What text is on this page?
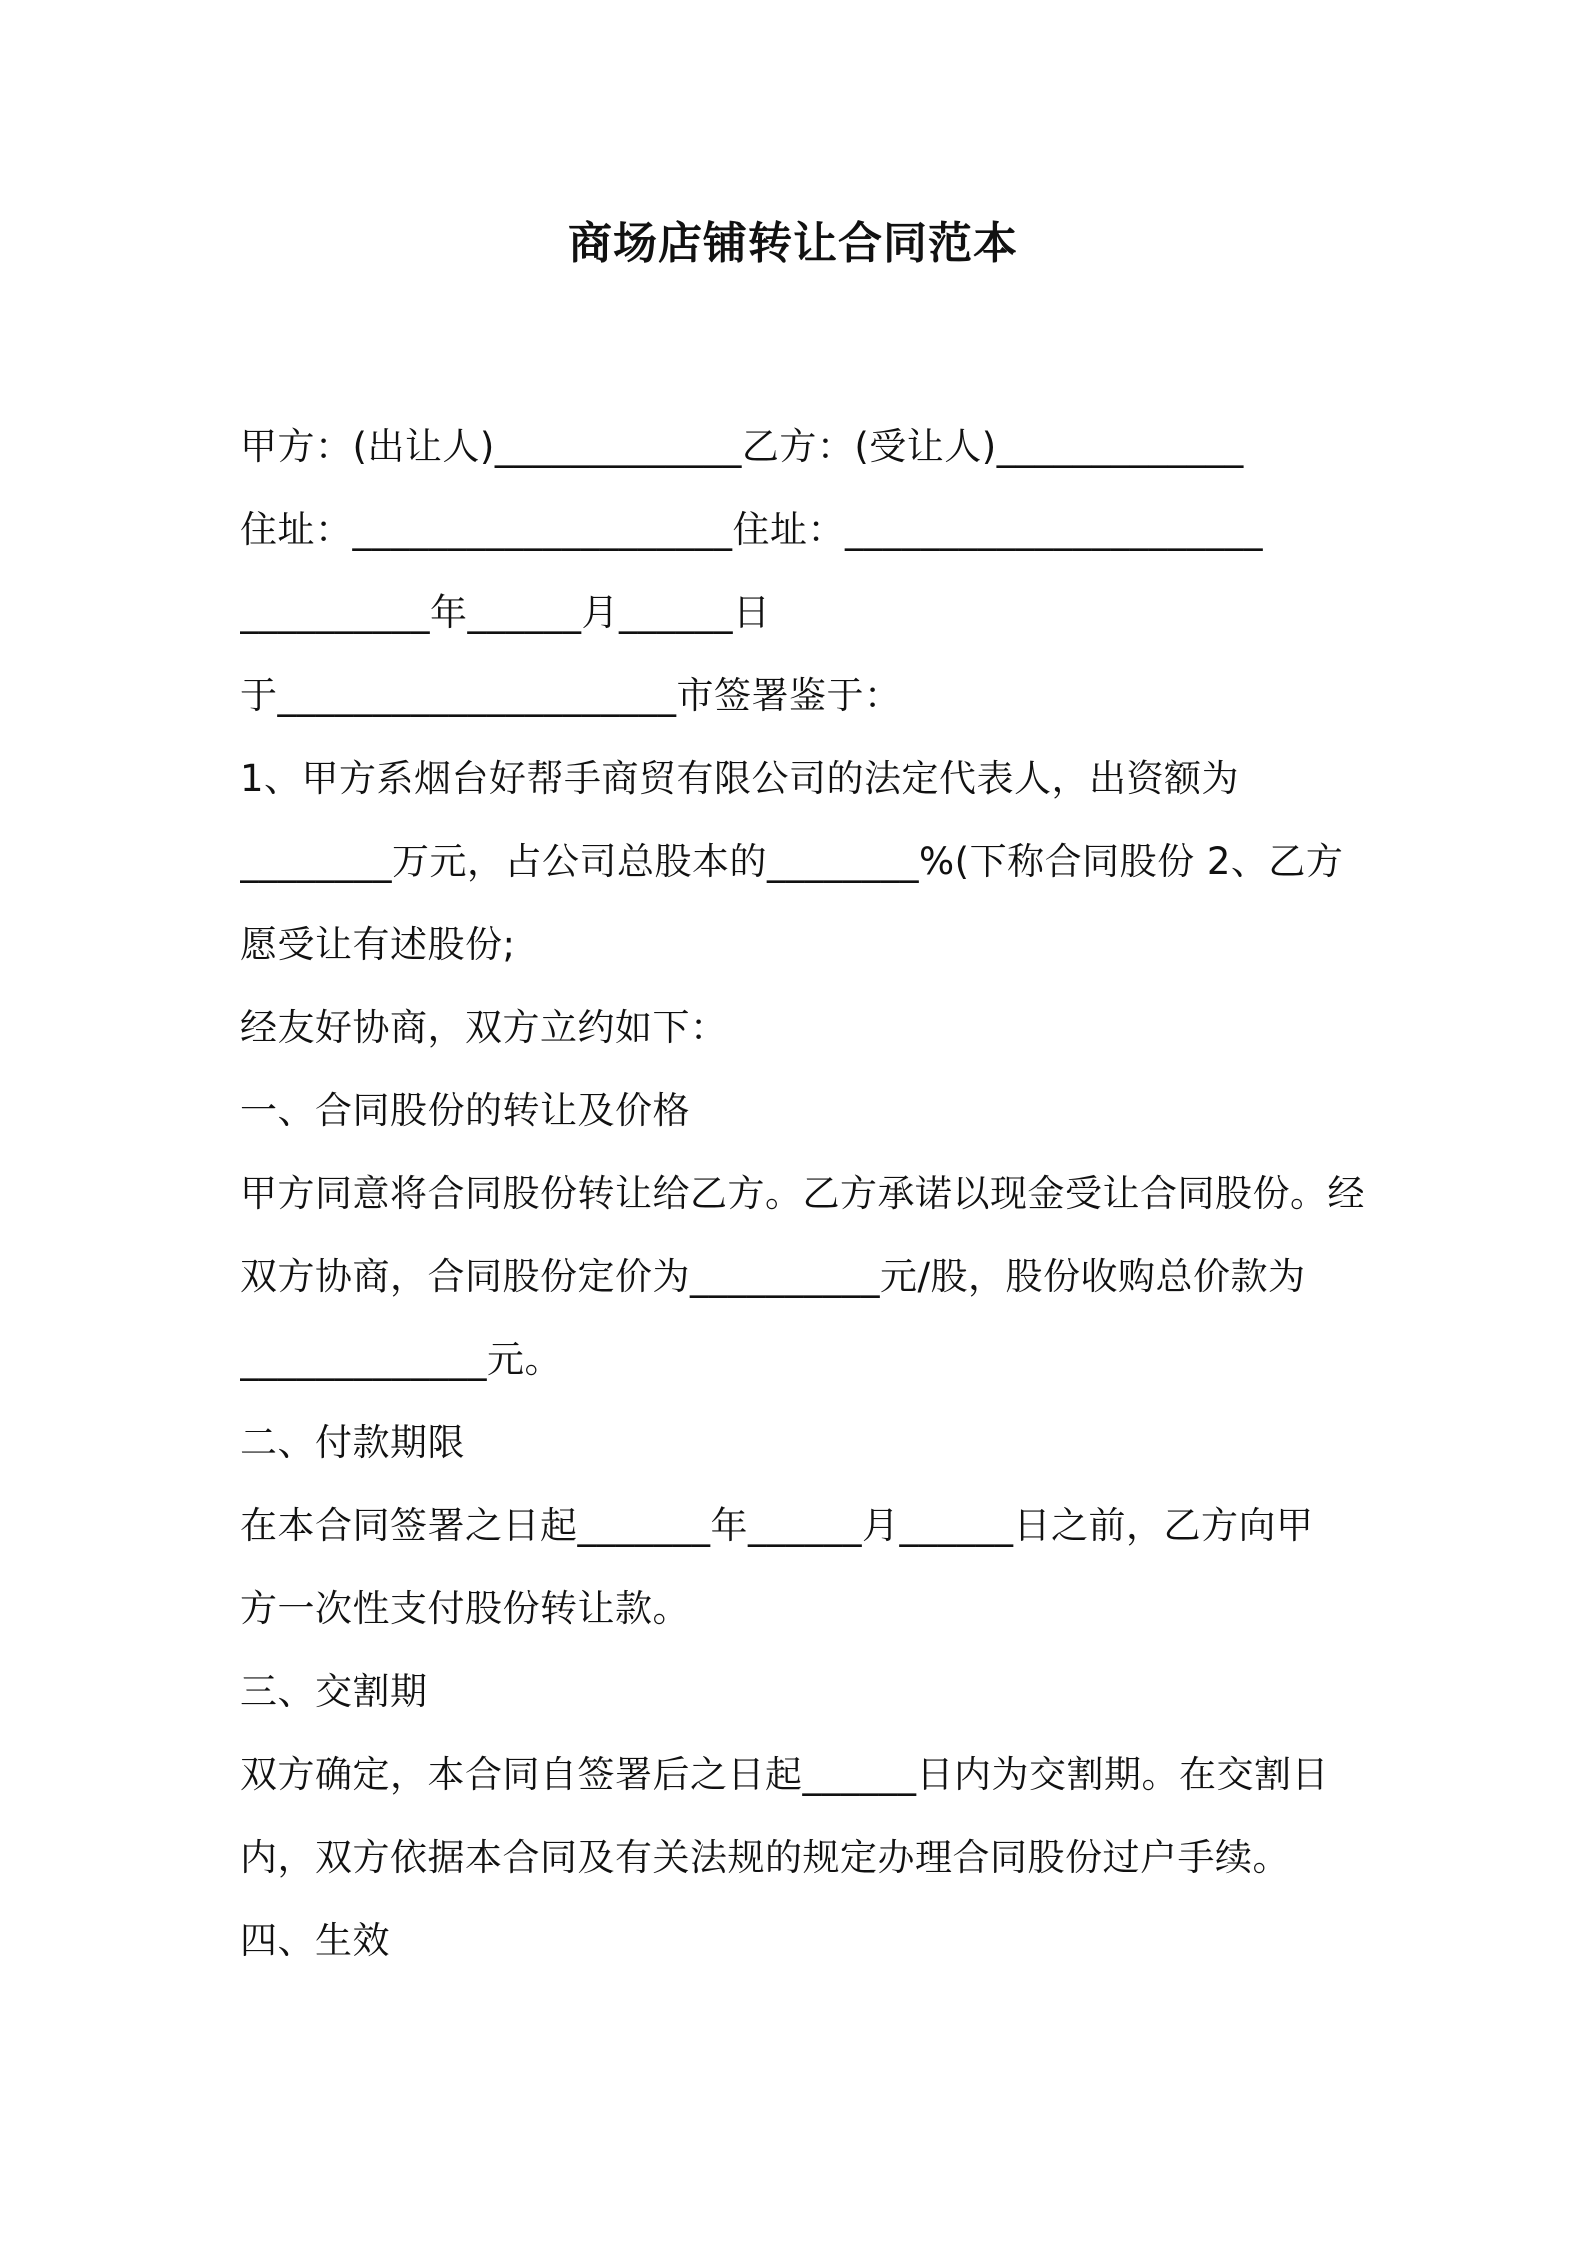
商场店铺转让合同范本
甲方：(出让人)_____________乙方：(受让人)_____________
住址：____________________住址：______________________
__________年______月______日
于_____________________市签署鉴于：
1、甲方系烟台好帮手商贸有限公司的法定代表人，出资额为
________万元，占公司总股本的________%(下称合同股份 2、乙方
愿受让有述股份;
经友好协商，双方立约如下：
一、合同股份的转让及价格
甲方同意将合同股份转让给乙方。乙方承诺以现金受让合同股份。经
双方协商，合同股份定价为__________元/股，股份收购总价款为
_____________元。
二、付款期限
在本合同签署之日起_______年______月______日之前，乙方向甲
方一次性支付股份转让款。
三、交割期
双方确定，本合同自签署后之日起______日内为交割期。在交割日
内，双方依据本合同及有关法规的规定办理合同股份过户手续。
四、生效
